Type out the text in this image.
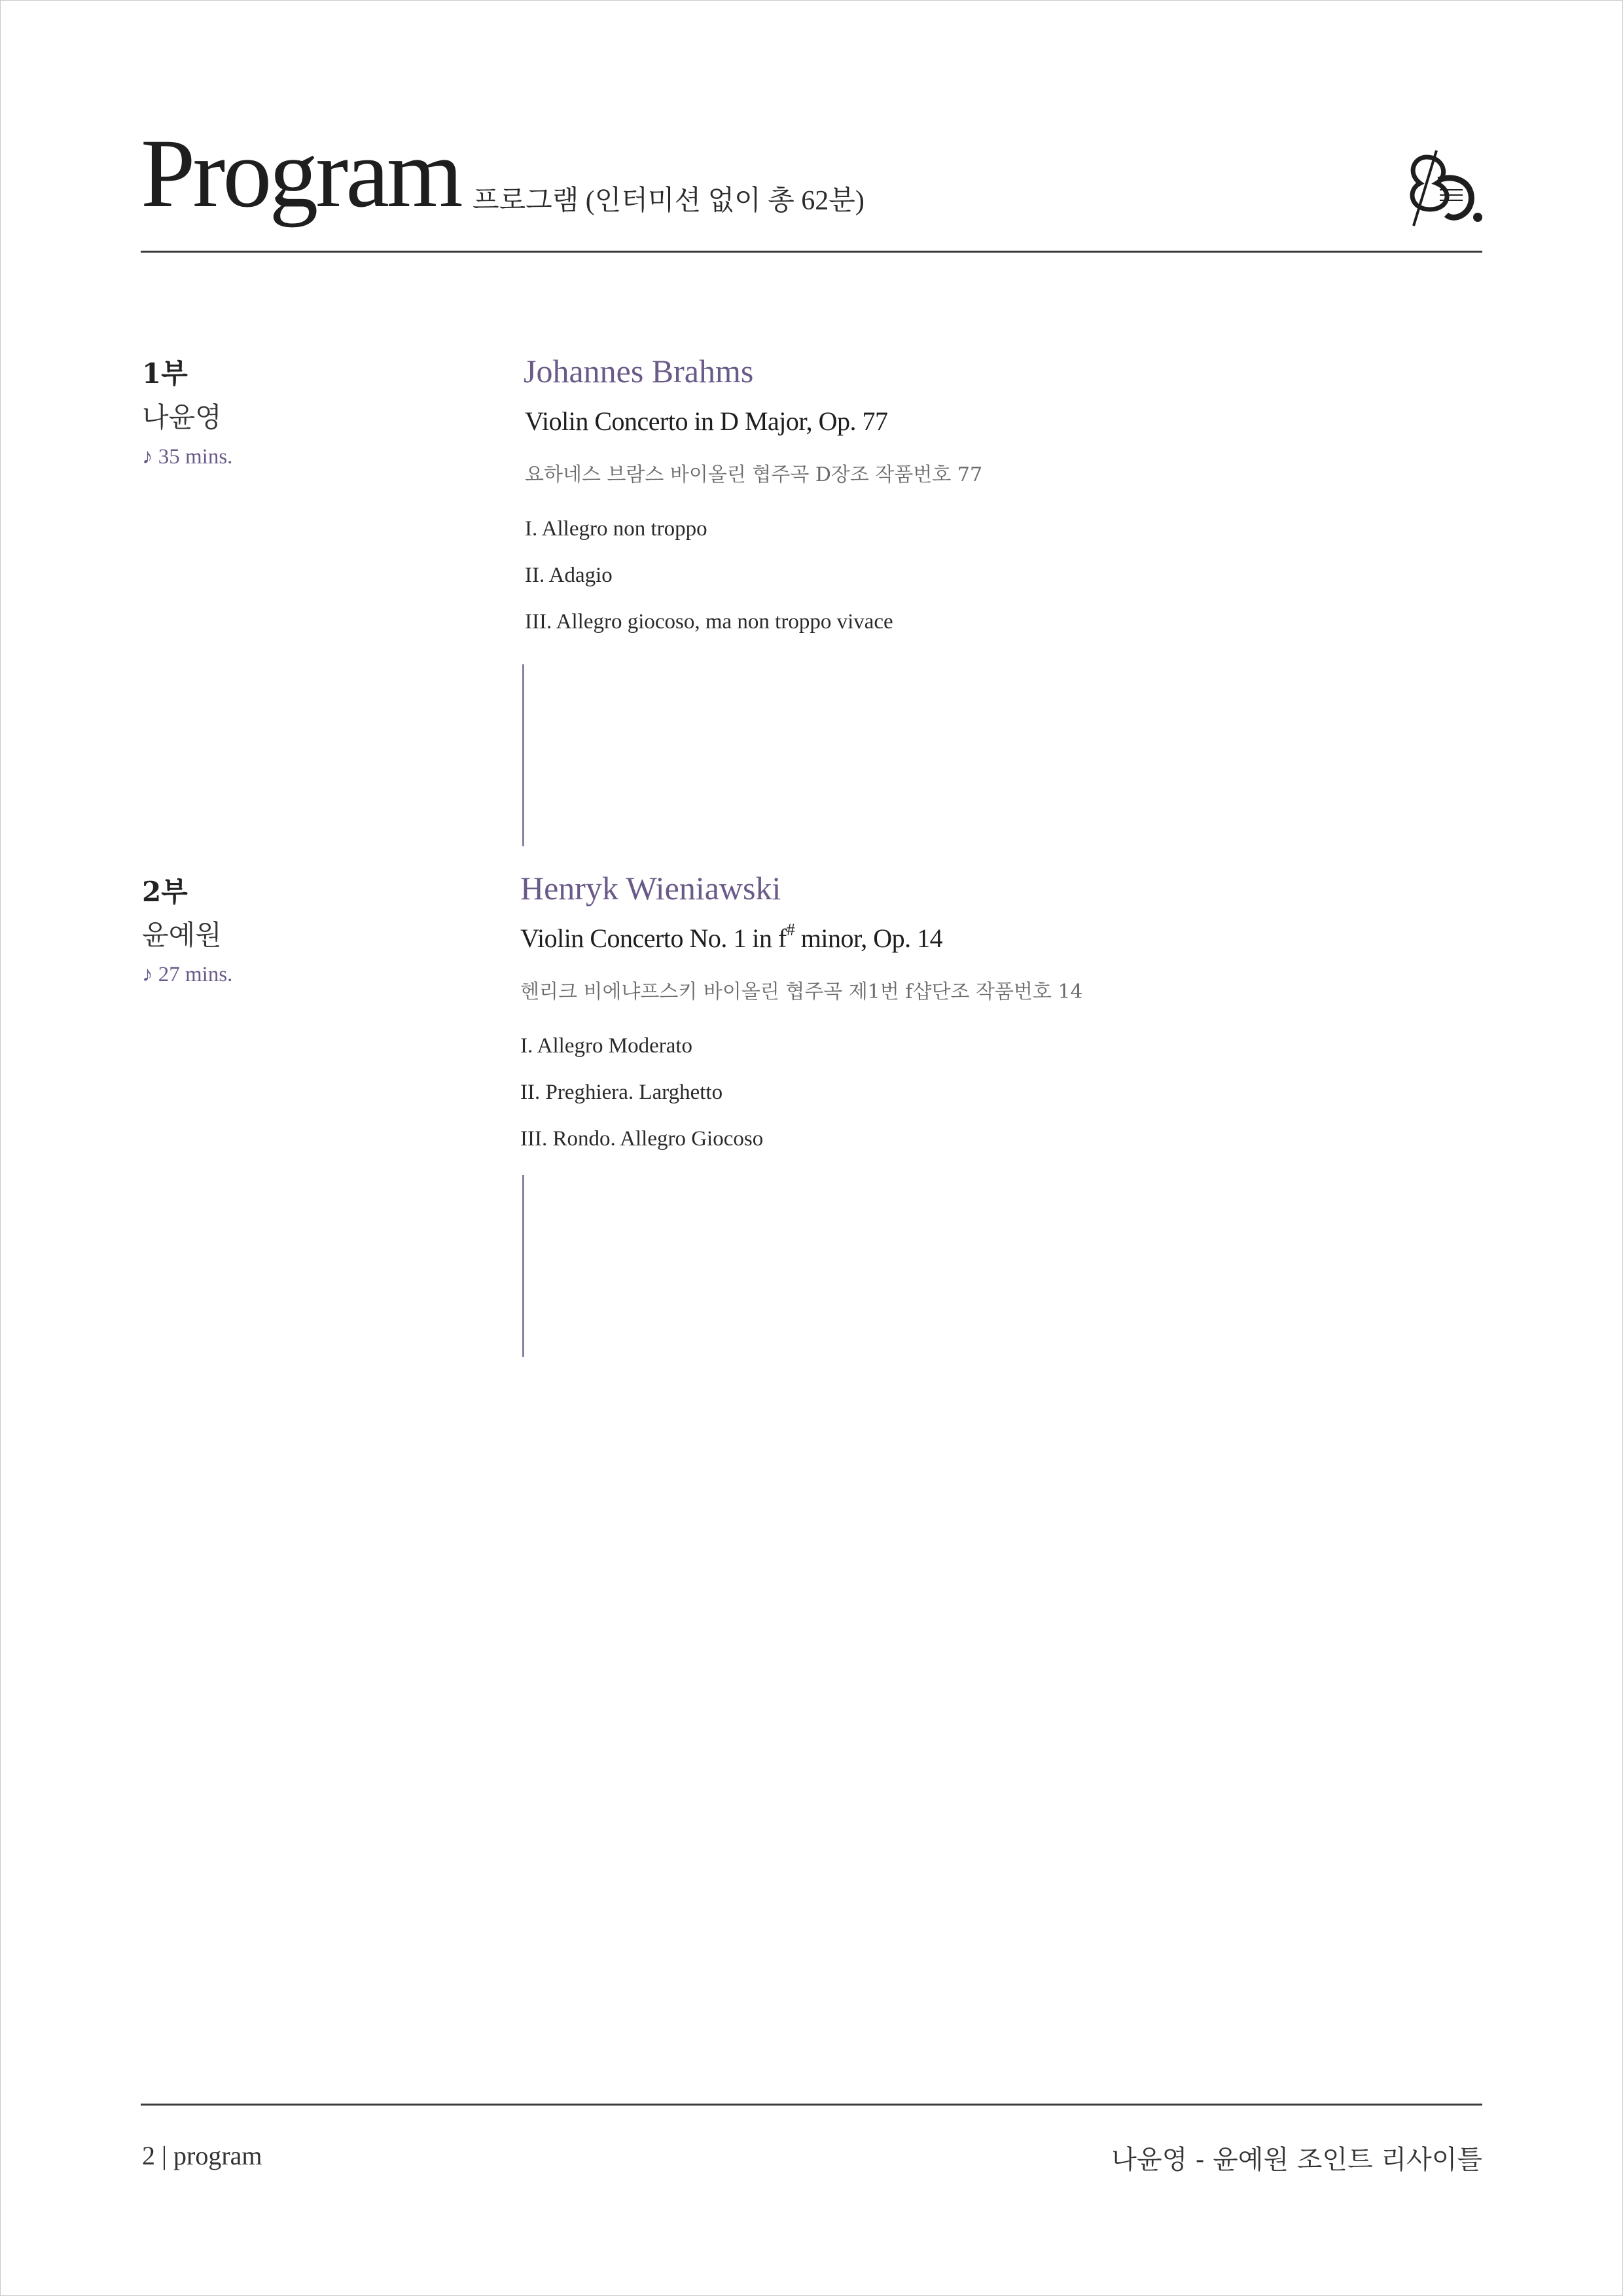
Program 프로그램 (인터미션 없이 총 62분)
1부
나윤영
♪ 35 mins.
Johannes Brahms
Violin Concerto in D Major, Op. 77
요하네스 브람스 바이올린 협주곡 D장조 작품번호 77
I. Allegro non troppo
II. Adagio
III. Allegro giocoso, ma non troppo vivace
2부
윤예원
♪ 27 mins.
Henryk Wieniawski
Violin Concerto No. 1 in f# minor, Op. 14
헨리크 비에냐프스키 바이올린 협주곡 제1번 f샵단조 작품번호 14
I. Allegro Moderato
II. Preghiera. Larghetto
III. Rondo. Allegro Giocoso
2 | program	나윤영 - 윤예원 조인트 리사이틀
